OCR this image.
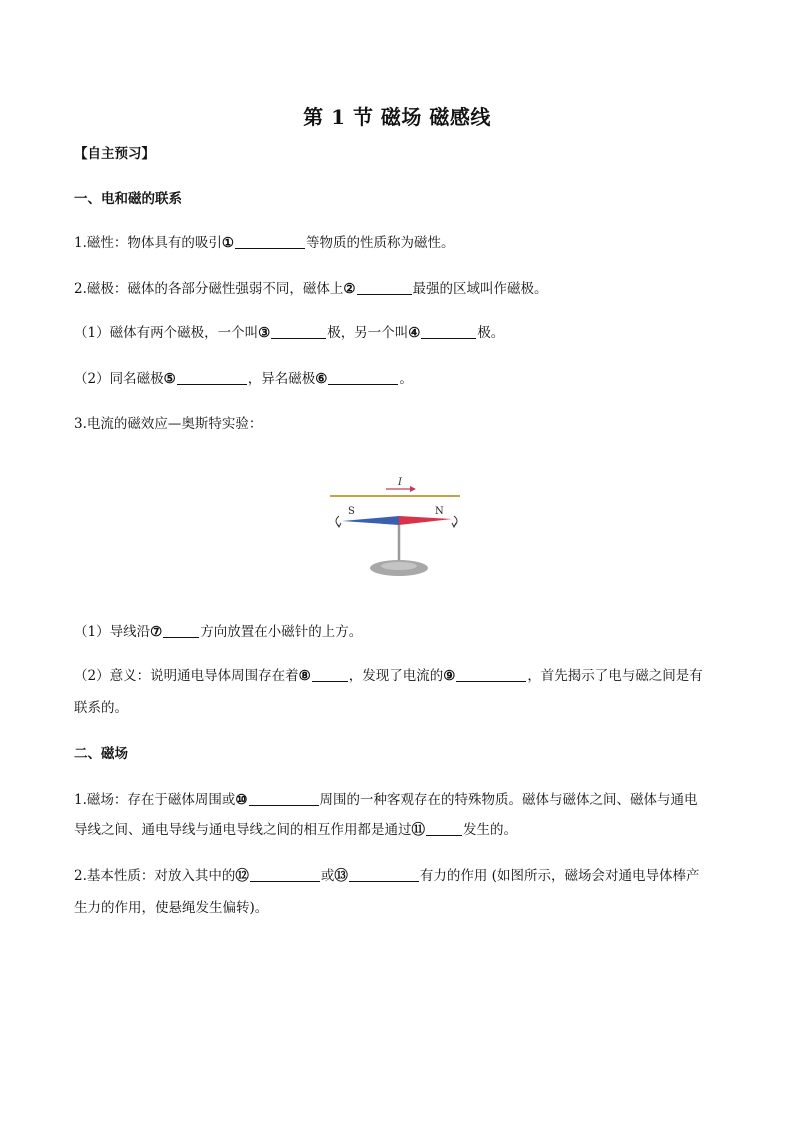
第 1 节 磁场 磁感线
【自主预习】
一、电和磁的联系
1.磁性：物体具有的吸引①	等物质的性质称为磁性。
2.磁极：磁体的各部分磁性强弱不同，磁体上②	最强的区域叫作磁极。
（1）磁体有两个磁极，一个叫③	极，另一个叫④	极。
（2）同名磁极⑤	，异名磁极⑥	。
3.电流的磁效应—奥斯特实验：
I
S	N
（1）导线沿⑦	方向放置在小磁针的上方。
（2）意义：说明通电导体周围存在着⑧	，发现了电流的⑨	，首先揭示了电与磁之间是有
联系的。
二、磁场
1.磁场：存在于磁体周围或⑩	周围的一种客观存在的特殊物质。磁体与磁体之间、磁体与通电
导线之间、通电导线与通电导线之间的相互作用都是通过⑪	发生的。
2.基本性质：对放入其中的⑫	或⑬	有力的作用 (如图所示，磁场会对通电导体棒产
生力的作用，使悬绳发生偏转)。
